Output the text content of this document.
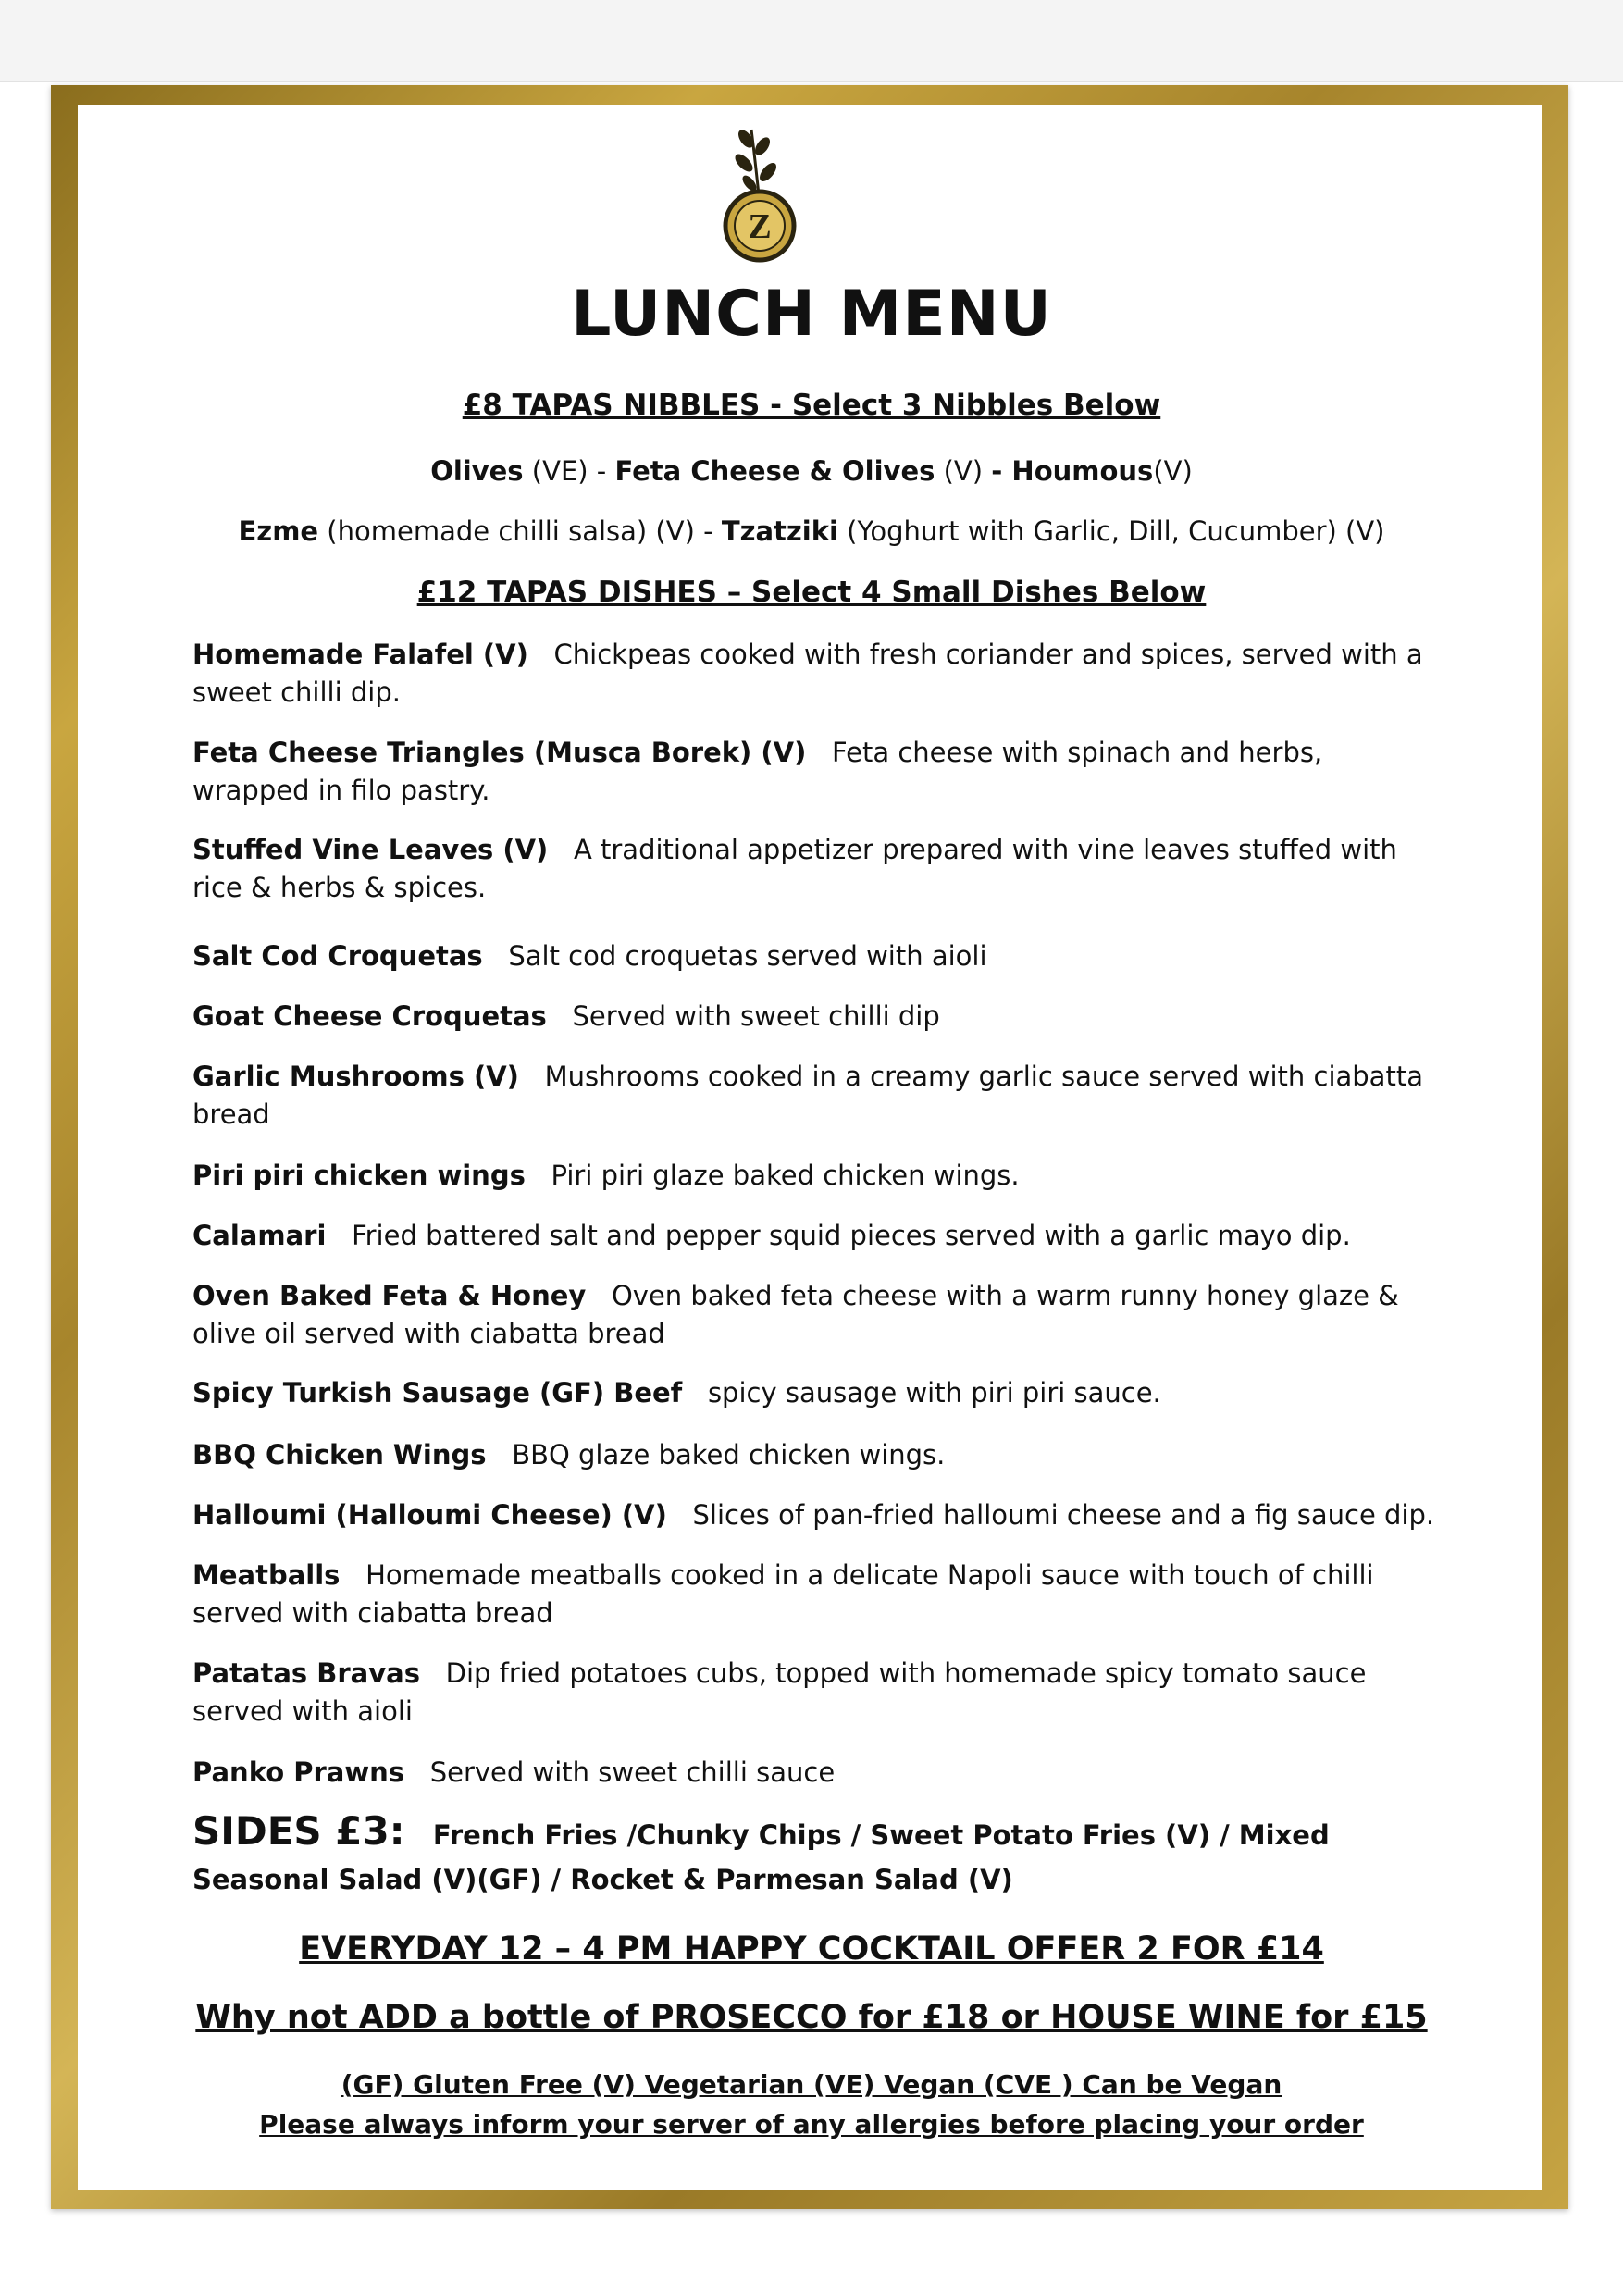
Z
LUNCH MENU
£8 TAPAS NIBBLES - Select 3 Nibbles Below
Olives (VE) - Feta Cheese & Olives (V) - Houmous(V)
Ezme (homemade chilli salsa) (V) - Tzatziki (Yoghurt with Garlic, Dill, Cucumber) (V)
£12 TAPAS DISHES – Select 4 Small Dishes Below
Homemade Falafel (V) Chickpeas cooked with fresh coriander and spices, served with a sweet chilli dip.
Feta Cheese Triangles (Musca Borek) (V) Feta cheese with spinach and herbs, wrapped in filo pastry.
Stuffed Vine Leaves (V) A traditional appetizer prepared with vine leaves stuffed with rice & herbs & spices.
Salt Cod Croquetas Salt cod croquetas served with aioli
Goat Cheese Croquetas Served with sweet chilli dip
Garlic Mushrooms (V) Mushrooms cooked in a creamy garlic sauce served with ciabatta bread
Piri piri chicken wings Piri piri glaze baked chicken wings.
Calamari Fried battered salt and pepper squid pieces served with a garlic mayo dip.
Oven Baked Feta & Honey Oven baked feta cheese with a warm runny honey glaze & olive oil served with ciabatta bread
Spicy Turkish Sausage (GF) Beef spicy sausage with piri piri sauce.
BBQ Chicken Wings BBQ glaze baked chicken wings.
Halloumi (Halloumi Cheese) (V) Slices of pan-fried halloumi cheese and a fig sauce dip.
Meatballs Homemade meatballs cooked in a delicate Napoli sauce with touch of chilli served with ciabatta bread
Patatas Bravas Dip fried potatoes cubs, topped with homemade spicy tomato sauce served with aioli
Panko Prawns Served with sweet chilli sauce
SIDES £3: French Fries /Chunky Chips / Sweet Potato Fries (V) / Mixed Seasonal Salad (V)(GF) / Rocket & Parmesan Salad (V)
EVERYDAY 12 – 4 PM HAPPY COCKTAIL OFFER 2 FOR £14
Why not ADD a bottle of PROSECCO for £18 or HOUSE WINE for £15
(GF) Gluten Free (V) Vegetarian (VE) Vegan (CVE ) Can be Vegan
Please always inform your server of any allergies before placing your order
